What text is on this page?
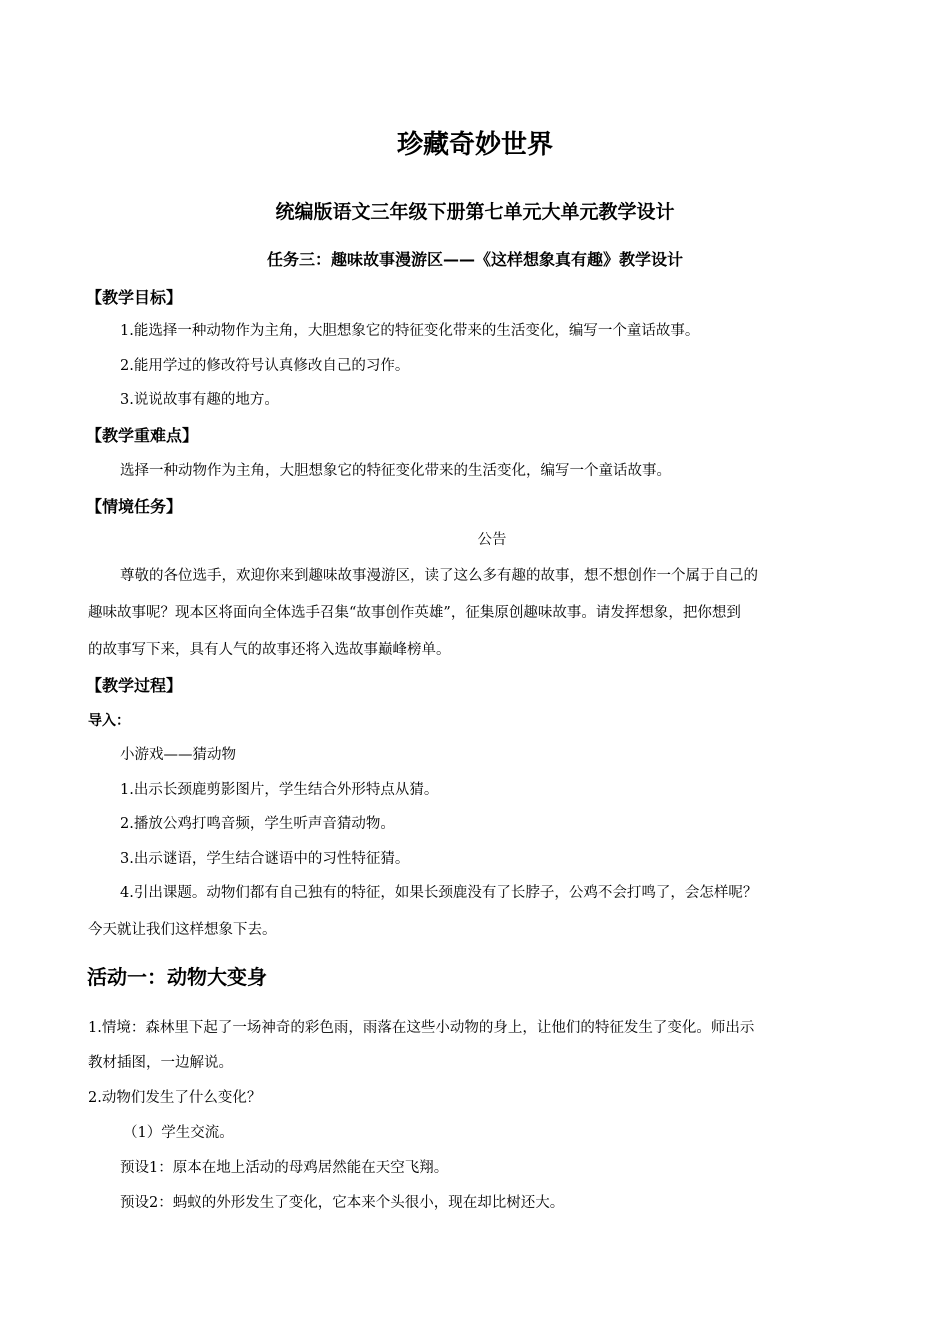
珍藏奇妙世界
统编版语文三年级下册第七单元大单元教学设计
任务三：趣味故事漫游区——《这样想象真有趣》教学设计
【教学目标】
1.能选择一种动物作为主角，大胆想象它的特征变化带来的生活变化，编写一个童话故事。
2.能用学过的修改符号认真修改自己的习作。
3.说说故事有趣的地方。
【教学重难点】
选择一种动物作为主角，大胆想象它的特征变化带来的生活变化，编写一个童话故事。
【情境任务】
公告
尊敬的各位选手，欢迎你来到趣味故事漫游区，读了这么多有趣的故事，想不想创作一个属于自己的
趣味故事呢？现本区将面向全体选手召集“故事创作英雄”，征集原创趣味故事。请发挥想象，把你想到
的故事写下来，具有人气的故事还将入选故事巅峰榜单。
【教学过程】
导入：
小游戏——猜动物
1.出示长颈鹿剪影图片，学生结合外形特点从猜。
2.播放公鸡打鸣音频，学生听声音猜动物。
3.出示谜语，学生结合谜语中的习性特征猜。
4.引出课题。动物们都有自己独有的特征，如果长颈鹿没有了长脖子，公鸡不会打鸣了，会怎样呢？
今天就让我们这样想象下去。
活动一：动物大变身
1.情境：森林里下起了一场神奇的彩色雨，雨落在这些小动物的身上，让他们的特征发生了变化。师出示
教材插图，一边解说。
2.动物们发生了什么变化？
（1）学生交流。
预设1：原本在地上活动的母鸡居然能在天空飞翔。
预设2：蚂蚁的外形发生了变化，它本来个头很小，现在却比树还大。
